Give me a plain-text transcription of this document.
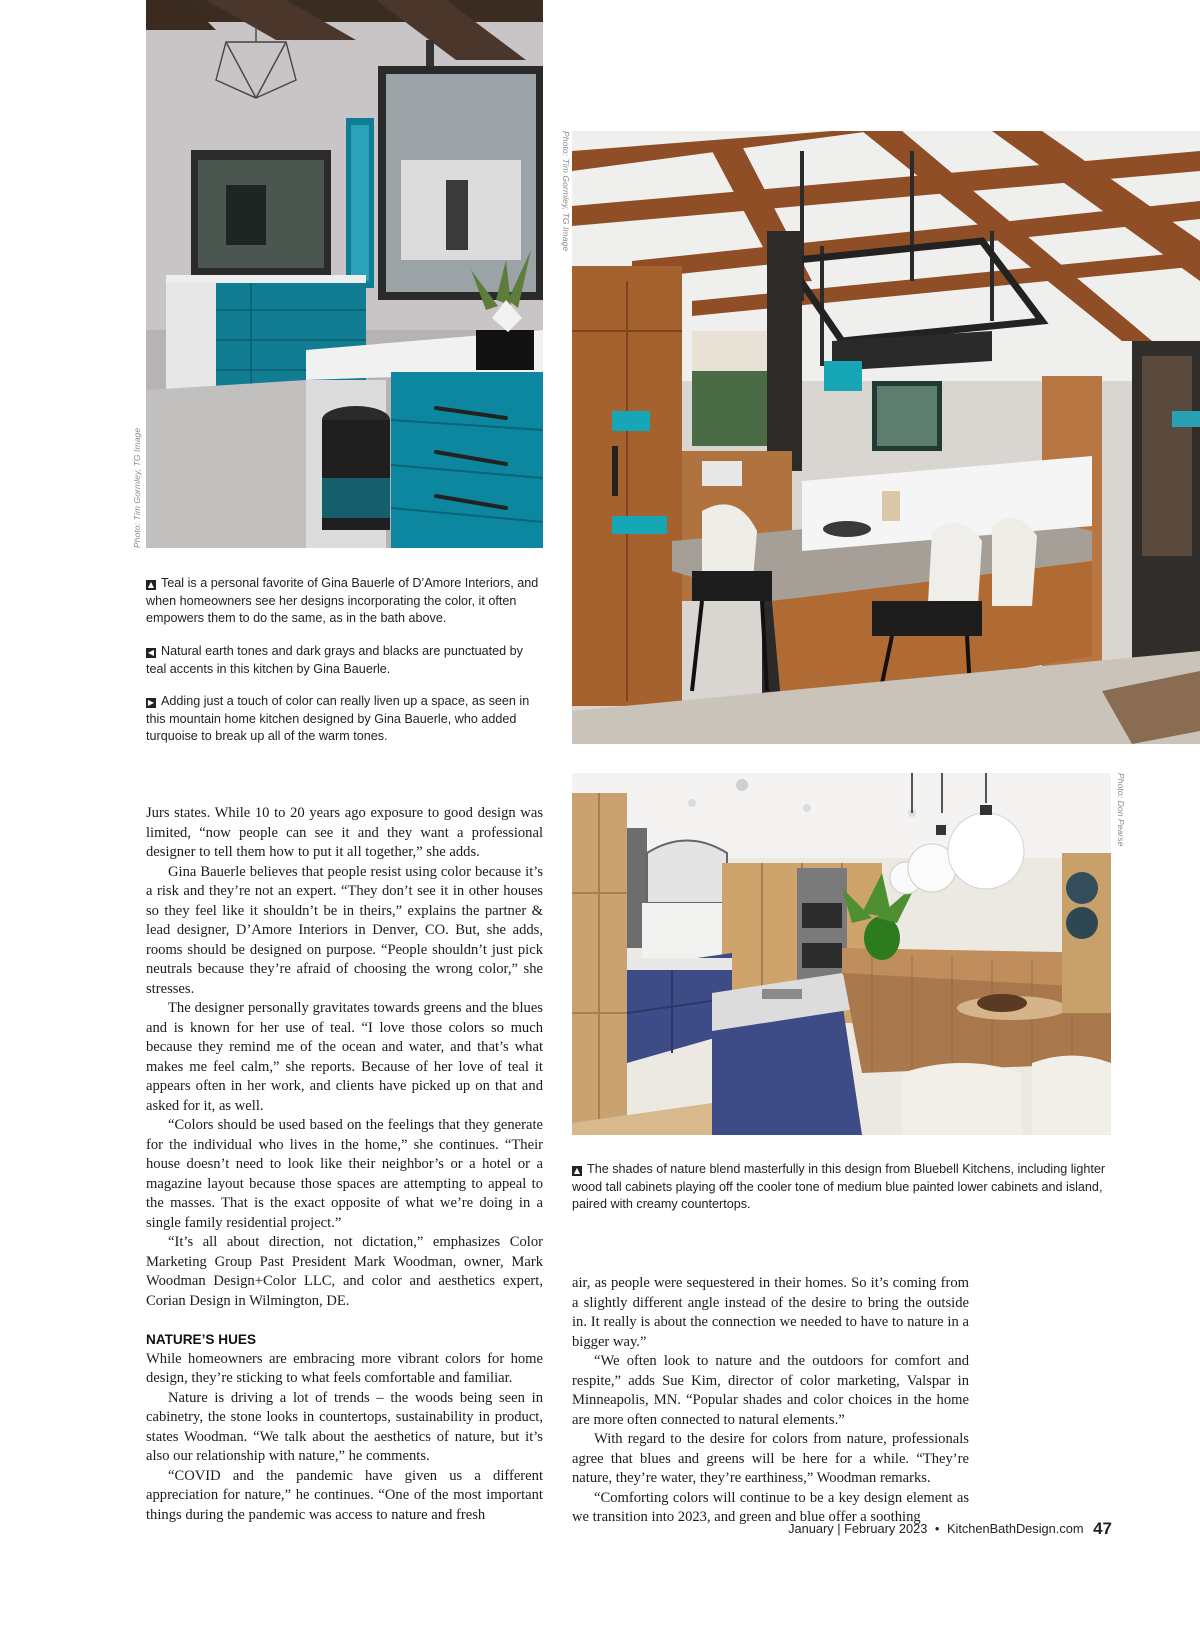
Photo: Tim Gormley, TG Image
Photo: Tim Gormley, TG Image
Photo: Don Pearse
▲ Teal is a personal favorite of Gina Bauerle of D’Amore Interiors, and when homeowners see her designs incorporating the color, it often empowers them to do the same, as in the bath above.
◀ Natural earth tones and dark grays and blacks are punctuated by teal accents in this kitchen by Gina Bauerle.
▶ Adding just a touch of color can really liven up a space, as seen in this mountain home kitchen designed by Gina Bauerle, who added turquoise to break up all of the warm tones.
▲ The shades of nature blend masterfully in this design from Bluebell Kitchens, including lighter wood tall cabinets playing off the cooler tone of medium blue painted lower cabinets and island, paired with creamy countertops.

Jurs states. While 10 to 20 years ago exposure to good design was limited, “now people can see it and they want a professional designer to tell them how to put it all together,” she adds.

Gina Bauerle believes that people resist using color because it’s a risk and they’re not an expert. “They don’t see it in other houses so they feel like it shouldn’t be in theirs,” explains the partner & lead designer, D’Amore Interiors in Denver, CO. But, she adds, rooms should be designed on purpose. “People shouldn’t just pick neutrals because they’re afraid of choosing the wrong color,” she stresses.

The designer personally gravitates towards greens and the blues and is known for her use of teal. “I love those colors so much because they remind me of the ocean and water, and that’s what makes me feel calm,” she reports. Because of her love of teal it appears often in her work, and clients have picked up on that and asked for it, as well.

“Colors should be used based on the feelings that they generate for the individual who lives in the home,” she continues. “Their house doesn’t need to look like their neighbor’s or a hotel or a magazine layout because those spaces are attempting to appeal to the masses. That is the exact opposite of what we’re doing in a single family residential project.”

“It’s all about direction, not dictation,” emphasizes Color Marketing Group Past President Mark Woodman, owner, Mark Woodman Design+Color LLC, and color and aesthetics expert, Corian Design in Wilmington, DE.

NATURE’S HUES

While homeowners are embracing more vibrant colors for home design, they’re sticking to what feels comfortable and familiar.

Nature is driving a lot of trends – the woods being seen in cabinetry, the stone looks in countertops, sustainability in product, states Woodman. “We talk about the aesthetics of nature, but it’s also our relationship with nature,” he comments.

“COVID and the pandemic have given us a different appreciation for nature,” he continues. “One of the most important things during the pandemic was access to nature and fresh

air, as people were sequestered in their homes. So it’s coming from a slightly different angle instead of the desire to bring the outside in. It really is about the connection we needed to have to nature in a bigger way.”

“We often look to nature and the outdoors for comfort and respite,” adds Sue Kim, director of color marketing, Valspar in Minneapolis, MN. “Popular shades and color choices in the home are more often connected to natural elements.”

With regard to the desire for colors from nature, professionals agree that blues and greens will be here for a while. “They’re nature, they’re water, they’re earthiness,” Woodman remarks.

“Comforting colors will continue to be a key design element as we transition into 2023, and green and blue offer a soothing

January | February 2023 • KitchenBathDesign.com 47
